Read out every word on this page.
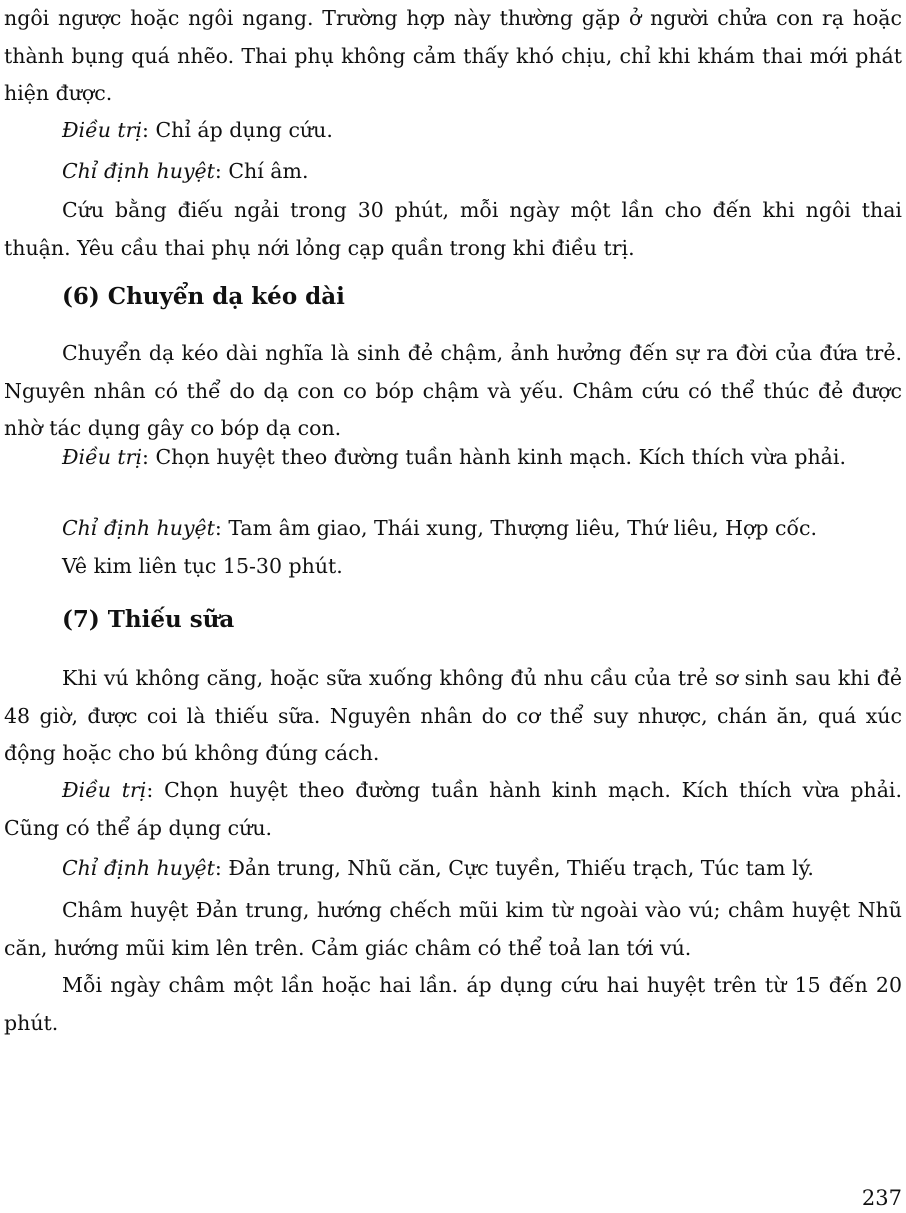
ngôi ngược hoặc ngôi ngang. Trường hợp này thường gặp ở người chửa con rạ hoặc thành bụng quá nhẽo. Thai phụ không cảm thấy khó chịu, chỉ khi khám thai mới phát hiện được.

Điều trị: Chỉ áp dụng cứu.

Chỉ định huyệt: Chí âm.

Cứu bằng điếu ngải trong 30 phút, mỗi ngày một lần cho đến khi ngôi thai thuận. Yêu cầu thai phụ nới lỏng cạp quần trong khi điều trị.

(6) Chuyển dạ kéo dài

Chuyển dạ kéo dài nghĩa là sinh đẻ chậm, ảnh hưởng đến sự ra đời của đứa trẻ. Nguyên nhân có thể do dạ con co bóp chậm và yếu. Châm cứu có thể thúc đẻ được nhờ tác dụng gây co bóp dạ con.

Điều trị: Chọn huyệt theo đường tuần hành kinh mạch. Kích thích vừa phải.

Chỉ định huyệt: Tam âm giao, Thái xung, Thượng liêu, Thứ liêu, Hợp cốc.

Vê kim liên tục 15-30 phút.

(7) Thiếu sữa

Khi vú không căng, hoặc sữa xuống không đủ nhu cầu của trẻ sơ sinh sau khi đẻ 48 giờ, được coi là thiếu sữa. Nguyên nhân do cơ thể suy nhược, chán ăn, quá xúc động hoặc cho bú không đúng cách.

Điều trị: Chọn huyệt theo đường tuần hành kinh mạch. Kích thích vừa phải. Cũng có thể áp dụng cứu.

Chỉ định huyệt: Đản trung, Nhũ căn, Cực tuyền, Thiếu trạch, Túc tam lý.

Châm huyệt Đản trung, hướng chếch mũi kim từ ngoài vào vú; châm huyệt Nhũ căn, hướng mũi kim lên trên. Cảm giác châm có thể toả lan tới vú.

Mỗi ngày châm một lần hoặc hai lần. áp dụng cứu hai huyệt trên từ 15 đến 20 phút.

237
